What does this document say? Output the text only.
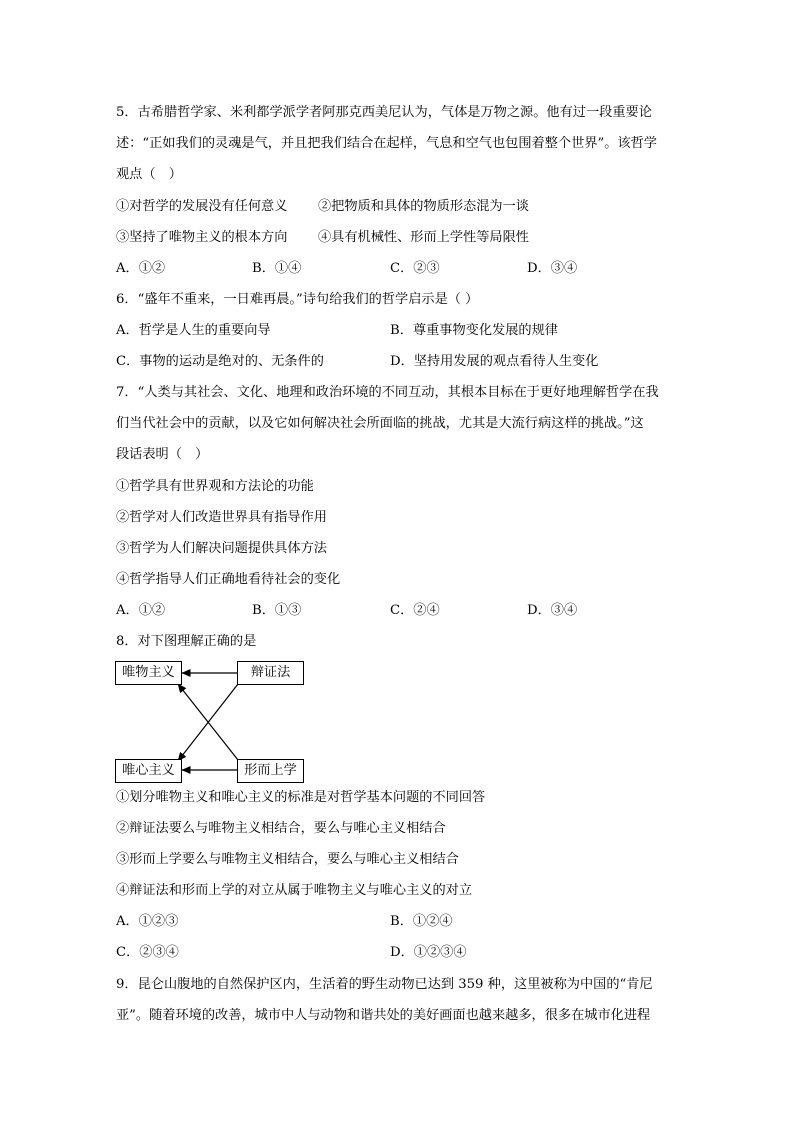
5．古希腊哲学家、米利都学派学者阿那克西美尼认为，气体是万物之源。他有过一段重要论
述：“正如我们的灵魂是气，并且把我们结合在起样，气息和空气也包围着整个世界”。该哲学
观点（　）
①对哲学的发展没有任何意义 ②把物质和具体的物质形态混为一谈
③坚持了唯物主义的根本方向 ④具有机械性、形而上学性等局限性
A．①②	B．①④	C．②③	D．③④
6．“盛年不重来，一日难再晨。”诗句给我们的哲学启示是（ ）
A．哲学是人生的重要向导	B．尊重事物变化发展的规律
C．事物的运动是绝对的、无条件的	D．坚持用发展的观点看待人生变化
7．“人类与其社会、文化、地理和政治环境的不同互动，其根本目标在于更好地理解哲学在我
们当代社会中的贡献，以及它如何解决社会所面临的挑战，尤其是大流行病这样的挑战。”这
段话表明（　）
①哲学具有世界观和方法论的功能
②哲学对人们改造世界具有指导作用
③哲学为人们解决问题提供具体方法
④哲学指导人们正确地看待社会的变化
A．①②	B．①③	C．②④	D．③④
8．对下图理解正确的是
唯物主义	辩证法
唯心主义	形而上学
①划分唯物主义和唯心主义的标准是对哲学基本问题的不同回答
②辩证法要么与唯物主义相结合，要么与唯心主义相结合
③形而上学要么与唯物主义相结合，要么与唯心主义相结合
④辩证法和形而上学的对立从属于唯物主义与唯心主义的对立
A．①②③	B．①②④
C．②③④	D．①②③④
9．昆仑山腹地的自然保护区内，生活着的野生动物已达到 359 种，这里被称为中国的“肯尼
亚”。随着环境的改善，城市中人与动物和谐共处的美好画面也越来越多，很多在城市化进程
